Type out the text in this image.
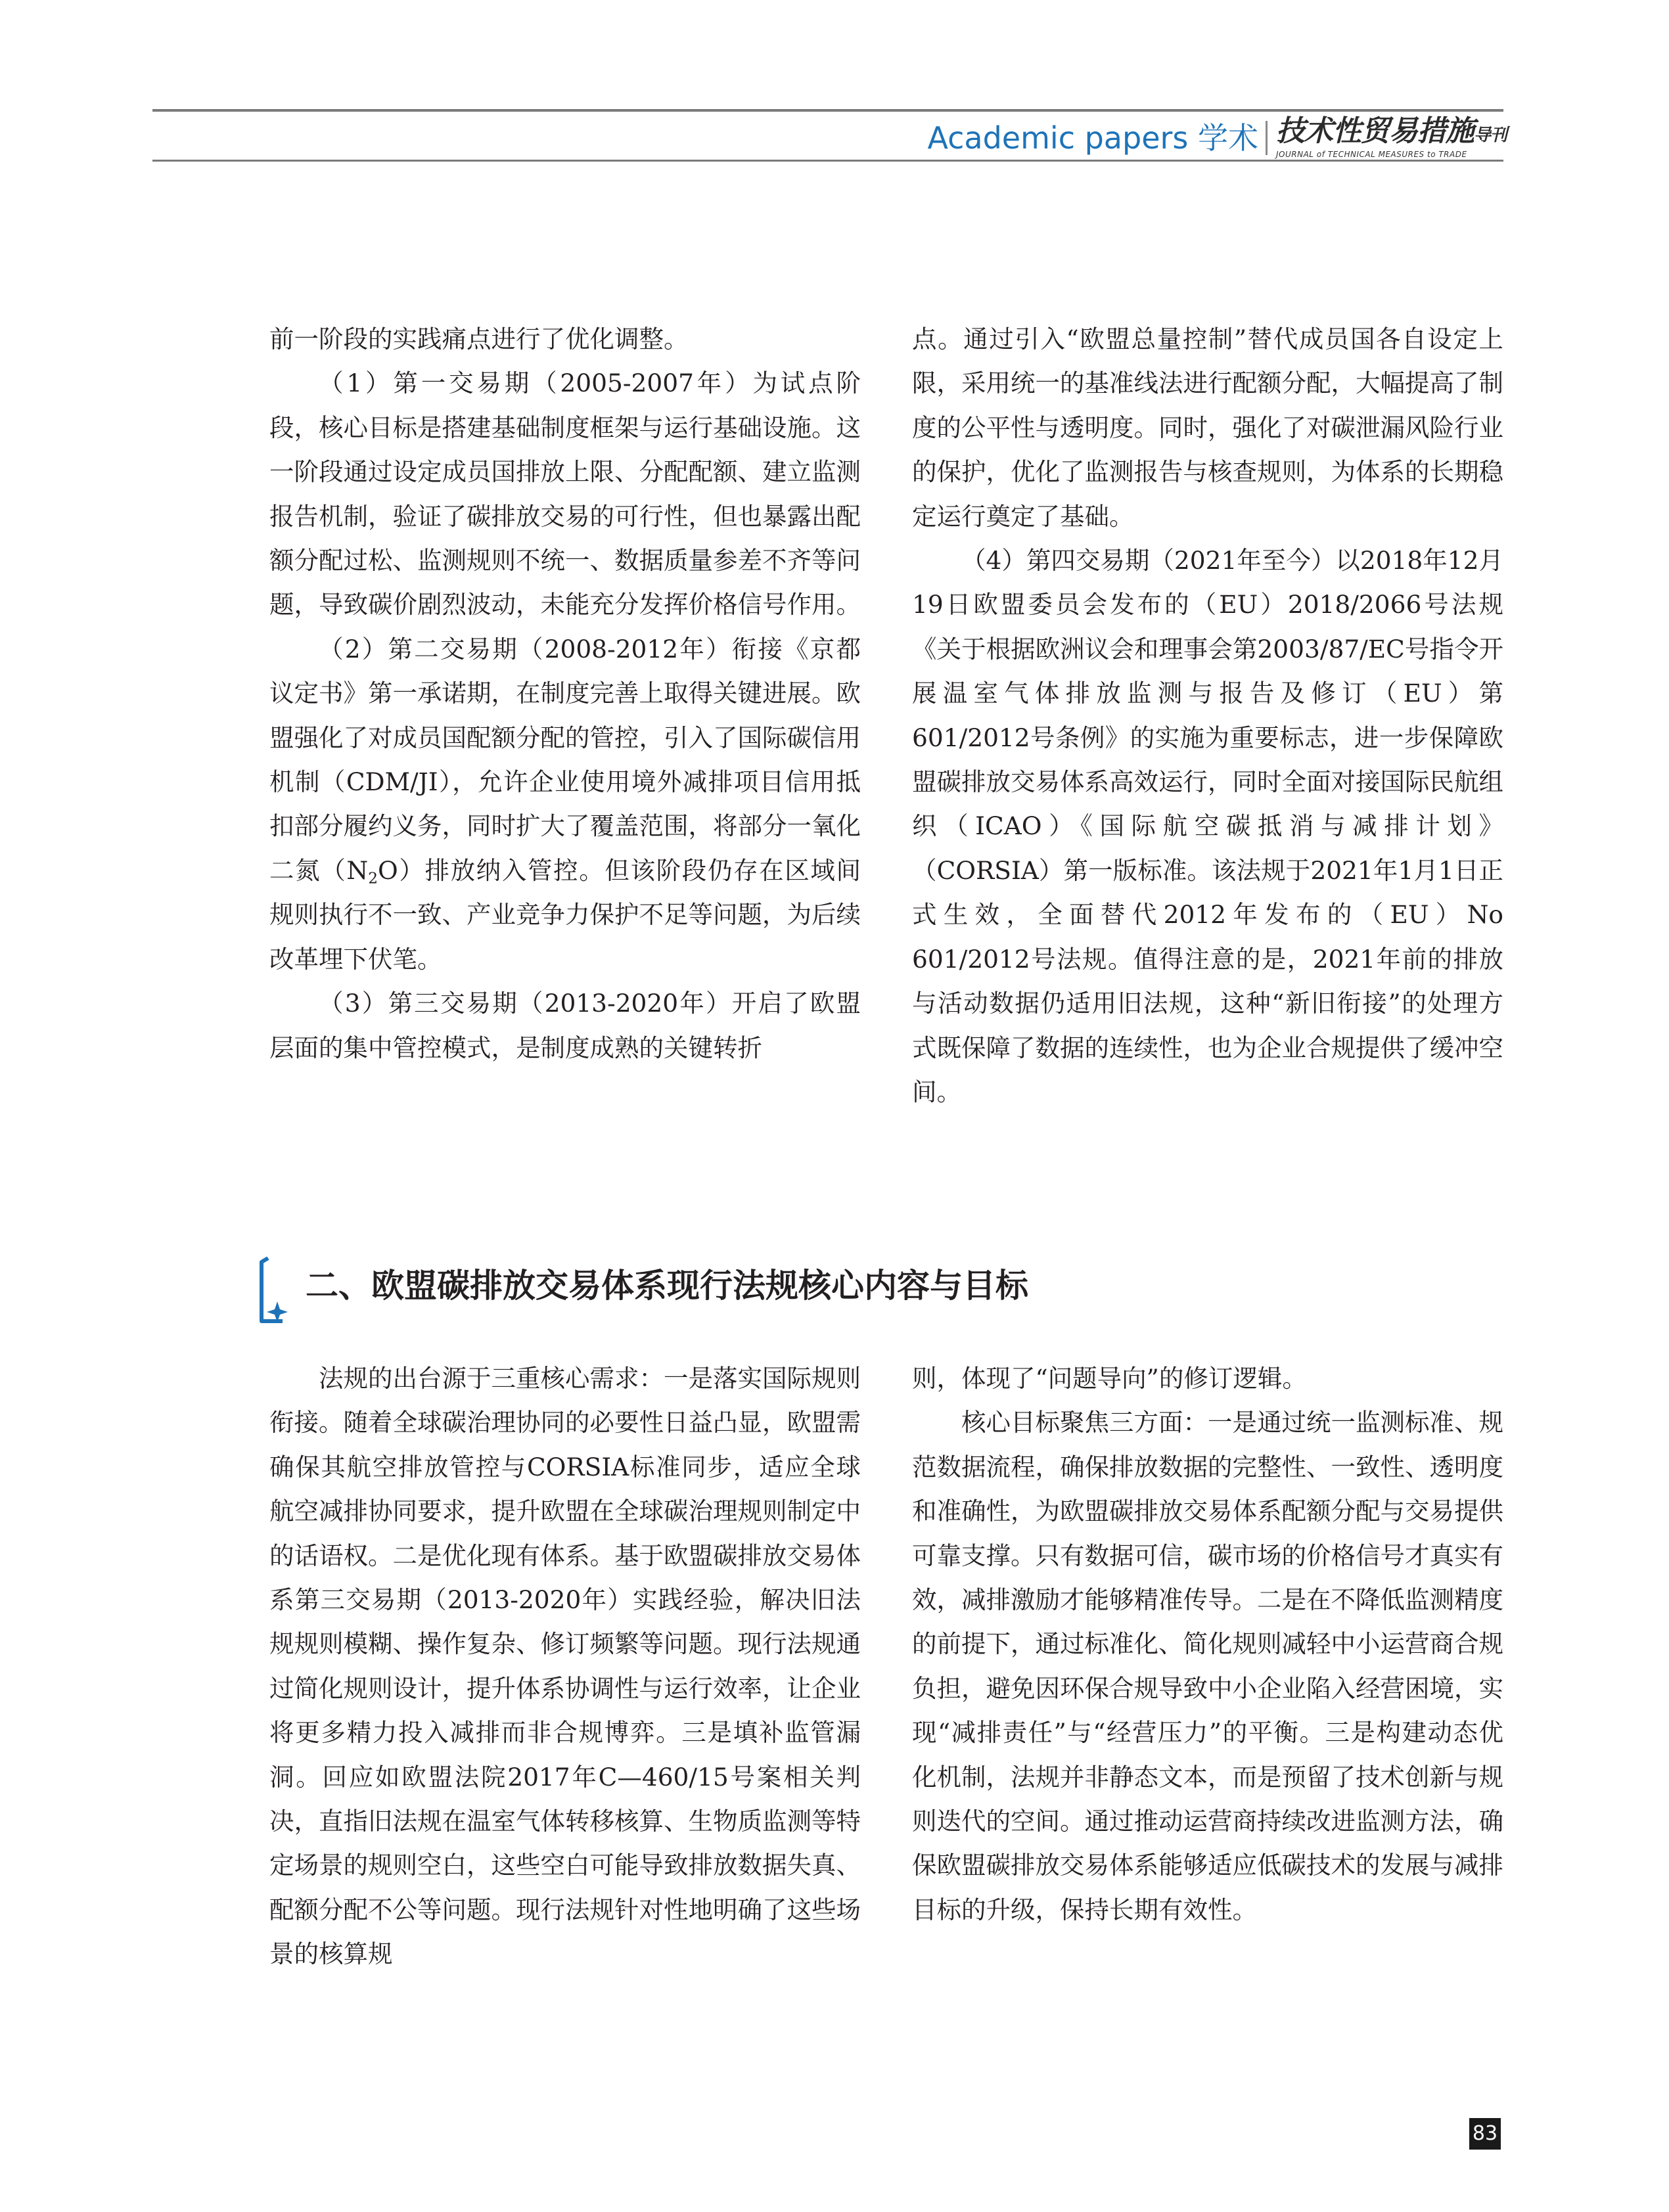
Academic papers 学术 技术性贸易措施导刊
JOURNAL of TECHNICAL MEASURES to TRADE

前一阶段的实践痛点进行了优化调整。

（1）第一交易期（2005-2007年）为试点阶段，核心目标是搭建基础制度框架与运行基础设施。这一阶段通过设定成员国排放上限、分配配额、建立监测报告机制，验证了碳排放交易的可行性，但也暴露出配额分配过松、监测规则不统一、数据质量参差不齐等问题，导致碳价剧烈波动，未能充分发挥价格信号作用。

（2）第二交易期（2008-2012年）衔接《京都议定书》第一承诺期，在制度完善上取得关键进展。欧盟强化了对成员国配额分配的管控，引入了国际碳信用机制（CDM/JI），允许企业使用境外减排项目信用抵扣部分履约义务，同时扩大了覆盖范围，将部分一氧化二氮$(N_2O)$排放纳入管控。但该阶段仍存在区域间规则执行不一致、产业竞争力保护不足等问题，为后续改革埋下伏笔。

（3）第三交易期（2013-2020年）开启了欧盟层面的集中管控模式，是制度成熟的关键转折

点。通过引入“欧盟总量控制”替代成员国各自设定上限，采用统一的基准线法进行配额分配，大幅提高了制度的公平性与透明度。同时，强化了对碳泄漏风险行业的保护，优化了监测报告与核查规则，为体系的长期稳定运行奠定了基础。

（4）第四交易期（2021年至今）以2018年12月19日欧盟委员会发布的（EU）2018/2066号法规《关于根据欧洲议会和理事会第2003/87/EC号指令开展温室气体排放监测与报告及修订（EU）第601/2012号条例》的实施为重要标志，进一步保障欧盟碳排放交易体系高效运行，同时全面对接国际民航组织（ICAO）《国际航空碳抵消与减排计划》（CORSIA）第一版标准。该法规于2021年1月1日正式生效，全面替代2012年发布的（EU）No 601/2012号法规。值得注意的是，2021年前的排放与活动数据仍适用旧法规，这种“新旧衔接”的处理方式既保障了数据的连续性，也为企业合规提供了缓冲空间。

二、欧盟碳排放交易体系现行法规核心内容与目标

法规的出台源于三重核心需求：一是落实国际规则衔接。随着全球碳治理协同的必要性日益凸显，欧盟需确保其航空排放管控与CORSIA标准同步，适应全球航空减排协同要求，提升欧盟在全球碳治理规则制定中的话语权。二是优化现有体系。基于欧盟碳排放交易体系第三交易期（2013-2020年）实践经验，解决旧法规规则模糊、操作复杂、修订频繁等问题。现行法规通过简化规则设计，提升体系协调性与运行效率，让企业将更多精力投入减排而非合规博弈。三是填补监管漏洞。回应如欧盟法院2017年C—460/15号案相关判决，直指旧法规在温室气体转移核算、生物质监测等特定场景的规则空白，这些空白可能导致排放数据失真、配额分配不公等问题。现行法规针对性地明确了这些场景的核算规

则，体现了“问题导向”的修订逻辑。

核心目标聚焦三方面：一是通过统一监测标准、规范数据流程，确保排放数据的完整性、一致性、透明度和准确性，为欧盟碳排放交易体系配额分配与交易提供可靠支撑。只有数据可信，碳市场的价格信号才真实有效，减排激励才能够精准传导。二是在不降低监测精度的前提下，通过标准化、简化规则减轻中小运营商合规负担，避免因环保合规导致中小企业陷入经营困境，实现“减排责任”与“经营压力”的平衡。三是构建动态优化机制，法规并非静态文本，而是预留了技术创新与规则迭代的空间。通过推动运营商持续改进监测方法，确保欧盟碳排放交易体系能够适应低碳技术的发展与减排目标的升级，保持长期有效性。

83
